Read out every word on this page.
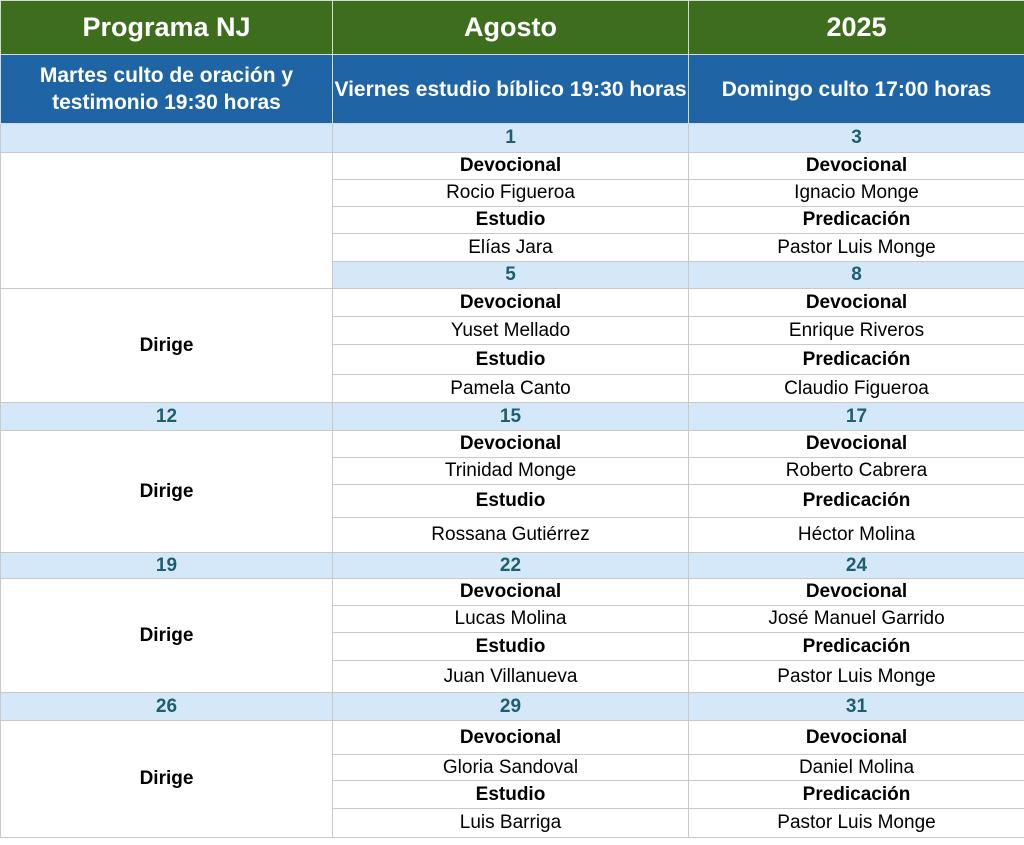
Programa NJ	Agosto	2025	
Martes culto de oración y testimonio 19:30 horas	Viernes estudio bíblico 19:30 horas	Domingo culto 17:00 horas	
	1	3	
	Devocional	Devocional	
	Rocio Figueroa	Ignacio Monge	
	Estudio	Predicación	
	Elías Jara	Pastor Luis Monge	
	5	8	
Dirige	Devocional	Devocional	
	Yuset Mellado	Enrique Riveros	
	Estudio	Predicación	
	Pamela Canto	Claudio Figueroa	
12	15	17	
Dirige	Devocional	Devocional	
	Trinidad Monge	Roberto Cabrera	
	Estudio	Predicación	
	Rossana Gutiérrez	Héctor Molina	
19	22	24	
Dirige	Devocional	Devocional	
	Lucas Molina	José Manuel Garrido	
	Estudio	Predicación	
	Juan Villanueva	Pastor Luis Monge	
26	29	31	
Dirige	Devocional	Devocional	
	Gloria Sandoval	Daniel Molina	
	Estudio	Predicación	
	Luis Barriga	Pastor Luis Monge	
